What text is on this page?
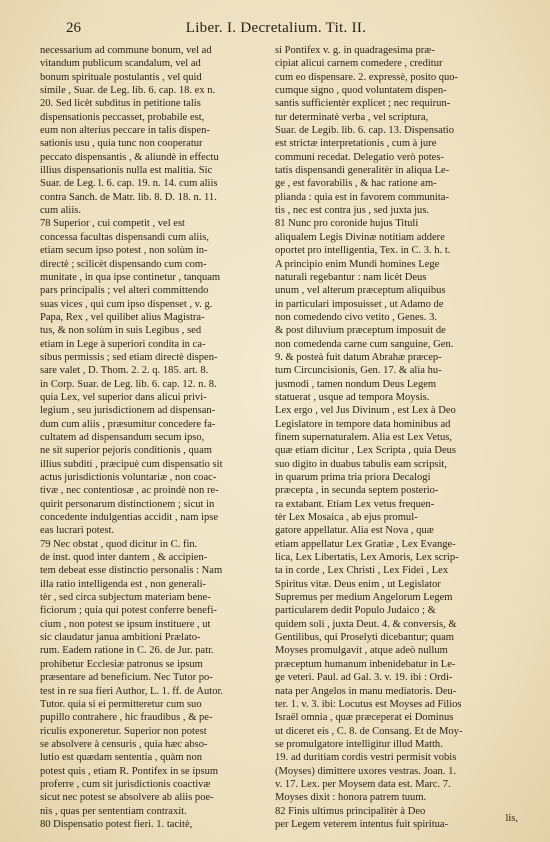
26	Liber. I. Decretalium. Tit. II.
necessarium ad commune bonum, vel ad
vitandum publicum scandalum, vel ad
bonum spirituale postulantis , vel quid
simile , Suar. de Leg. lib. 6. cap. 18. ex n.
20. Sed licèt subditus in petitione talis
dispensationis peccasset, probabile est,
eum non alterius peccare in talis dispen-
sationis usu , quia tunc non cooperatur
peccato dispensantis , & aliundè in effectu
illius dispensationis nulla est malitia. Sic
Suar. de Leg. l. 6. cap. 19. n. 14. cum aliis
contra Sanch. de Matr. lib. 8. D. 18. n. 11.
cum aliis.
78 Superior , cui competit , vel est
concessa facultas dispensandi cum aliis,
etiam secum ipso potest , non solùm in-
directè ; scilicèt dispensando cum com-
munitate , in qua ipse continetur , tanquam
pars principalis ; vel alteri committendo
suas vices , qui cum ipso dispenset , v. g.
Papa, Rex , vel quilibet alius Magistra-
tus, & non solùm in suis Legibus , sed
etiam in Lege à superiori condita in ca-
sibus permissis ; sed etiam directè dispen-
sare valet , D. Thom. 2. 2. q. 185. art. 8.
in Corp. Suar. de Leg. lib. 6. cap. 12. n. 8.
quia Lex, vel superior dans alicui privi-
legium , seu jurisdictionem ad dispensan-
dum cum aliis , præsumitur concedere fa-
cultatem ad dispensandum secum ipso,
ne sit superior pejoris conditionis , quam
illius subditi , præcipuè cum dispensatio sit
actus jurisdictionis voluntariæ , non coac-
tivæ , nec contentiosæ , ac proindè non re-
quirit personarum distinctionem ; sicut in
concedente indulgentias accidit , nam ipse
eas lucrari potest.
79 Nec obstat , quod dicitur in C. fin.
de inst. quod inter dantem , & accipien-
tem debeat esse distinctio personalis : Nam
illa ratio intelligenda est , non generali-
tèr , sed circa subjectum materiam bene-
ficiorum ; quia qui potest conferre benefi-
cium , non potest se ipsum instituere , ut
sic claudatur janua ambitioni Prælato-
rum. Eadem ratione in C. 26. de Jur. patr.
prohibetur Ecclesiæ patronus se ipsum
præsentare ad beneficium. Nec Tutor po-
test in re sua fieri Author, L. 1. ff. de Autor.
Tutor. quia si ei permitteretur cum suo
pupillo contrahere , hic fraudibus , & pe-
riculis exponeretur. Superior non potest
se absolvere à censuris , quia hæc abso-
lutio est quædam sententia , quàm non
potest quis , etiam R. Pontifex in se ipsum
proferre , cum sit jurisdictionis coactivæ
sicut nec potest se absolvere ab aliis poe-
nis , quas per sententiam contraxit.
80 Dispensatio potest fieri. 1. tacitè,
si Pontifex v. g. in quadragesima præ-
cipiat alicui carnem comedere , creditur
cum eo dispensare. 2. expressè, posito quo-
cumque signo , quod voluntatem dispen-
santis sufficientèr explicet ; nec requirun-
tur determinatè verba , vel scriptura,
Suar. de Legib. lib. 6. cap. 13. Dispensatio
est strictæ interpretationis , cum à jure
communi recedat. Delegatio verò potes-
tatis dispensandi generalitèr in aliqua Le-
ge , est favorabilis , & hac ratione am-
plianda : quia est in favorem communita-
tis , nec est contra jus , sed juxta jus.
81 Nunc pro coronide hujus Tituli
aliqualem Legis Divinæ notitiam addere
oportet pro intelligentia, Tex. in C. 3. h. t.
A principio enim Mundi homines Lege
naturali regebantur : nam licèt Deus
unum , vel alterum præceptum aliquibus
in particulari imposuisset , ut Adamo de
non comedendo civo vetito , Genes. 3.
& post diluvium præceptum imposuit de
non comedenda carne cum sanguine, Gen.
9. & posteà fuit datum Abrahæ præcep-
tum Circuncisionis, Gen. 17. & alia hu-
jusmodi , tamen nondum Deus Legem
statuerat , usque ad tempora Moysis.
Lex ergo , vel Jus Divinum , est Lex à Deo
Legislatore in tempore data hominibus ad
finem supernaturalem. Alia est Lex Vetus,
quæ etiam dicitur , Lex Scripta , quia Deus
suo digito in duabus tabulis eam scripsit,
in quarum prima tria priora Decalogi
præcepta , in secunda septem posterio-
ra extabant. Etiam Lex vetus frequen-
tèr Lex Mosaica , ab ejus promul-
gatore appellatur. Alia est Nova , quæ
etiam appellatur Lex Gratiæ , Lex Evange-
lica, Lex Libertatis, Lex Amoris, Lex scrip-
ta in corde , Lex Christi , Lex Fidei , Lex
Spiritus vitæ. Deus enim , ut Legislator
Supremus per medium Angelorum Legem
particularem dedit Populo Judaico ; &
quidem soli , juxta Deut. 4. & conversis, &
Gentilibus, qui Proselyti dicebantur; quam
Moyses promulgavit , atque adeò nullum
præceptum humanum inbenidebatur in Le-
ge veteri. Paul. ad Gal. 3. v. 19. ibi : Ordi-
nata per Angelos in manu mediatoris. Deu-
ter. 1. v. 3. ibi: Locutus est Moyses ad Filios
Israël omnia , quæ præceperat ei Dominus
ut diceret eis , C. 8. de Consang. Et de Moy-
se promulgatore intelligitur illud Matth.
19. ad duritiam cordis vestri permisit vobis
(Moyses) dimittere uxores vestras. Joan. 1.
v. 17. Lex. per Moysem data est. Marc. 7.
Moyses dixit : honora patrem tuum.
82 Finis ultimus principalitèr à Deo
per Legem veterem intentus fuit spiritua-
lis,
